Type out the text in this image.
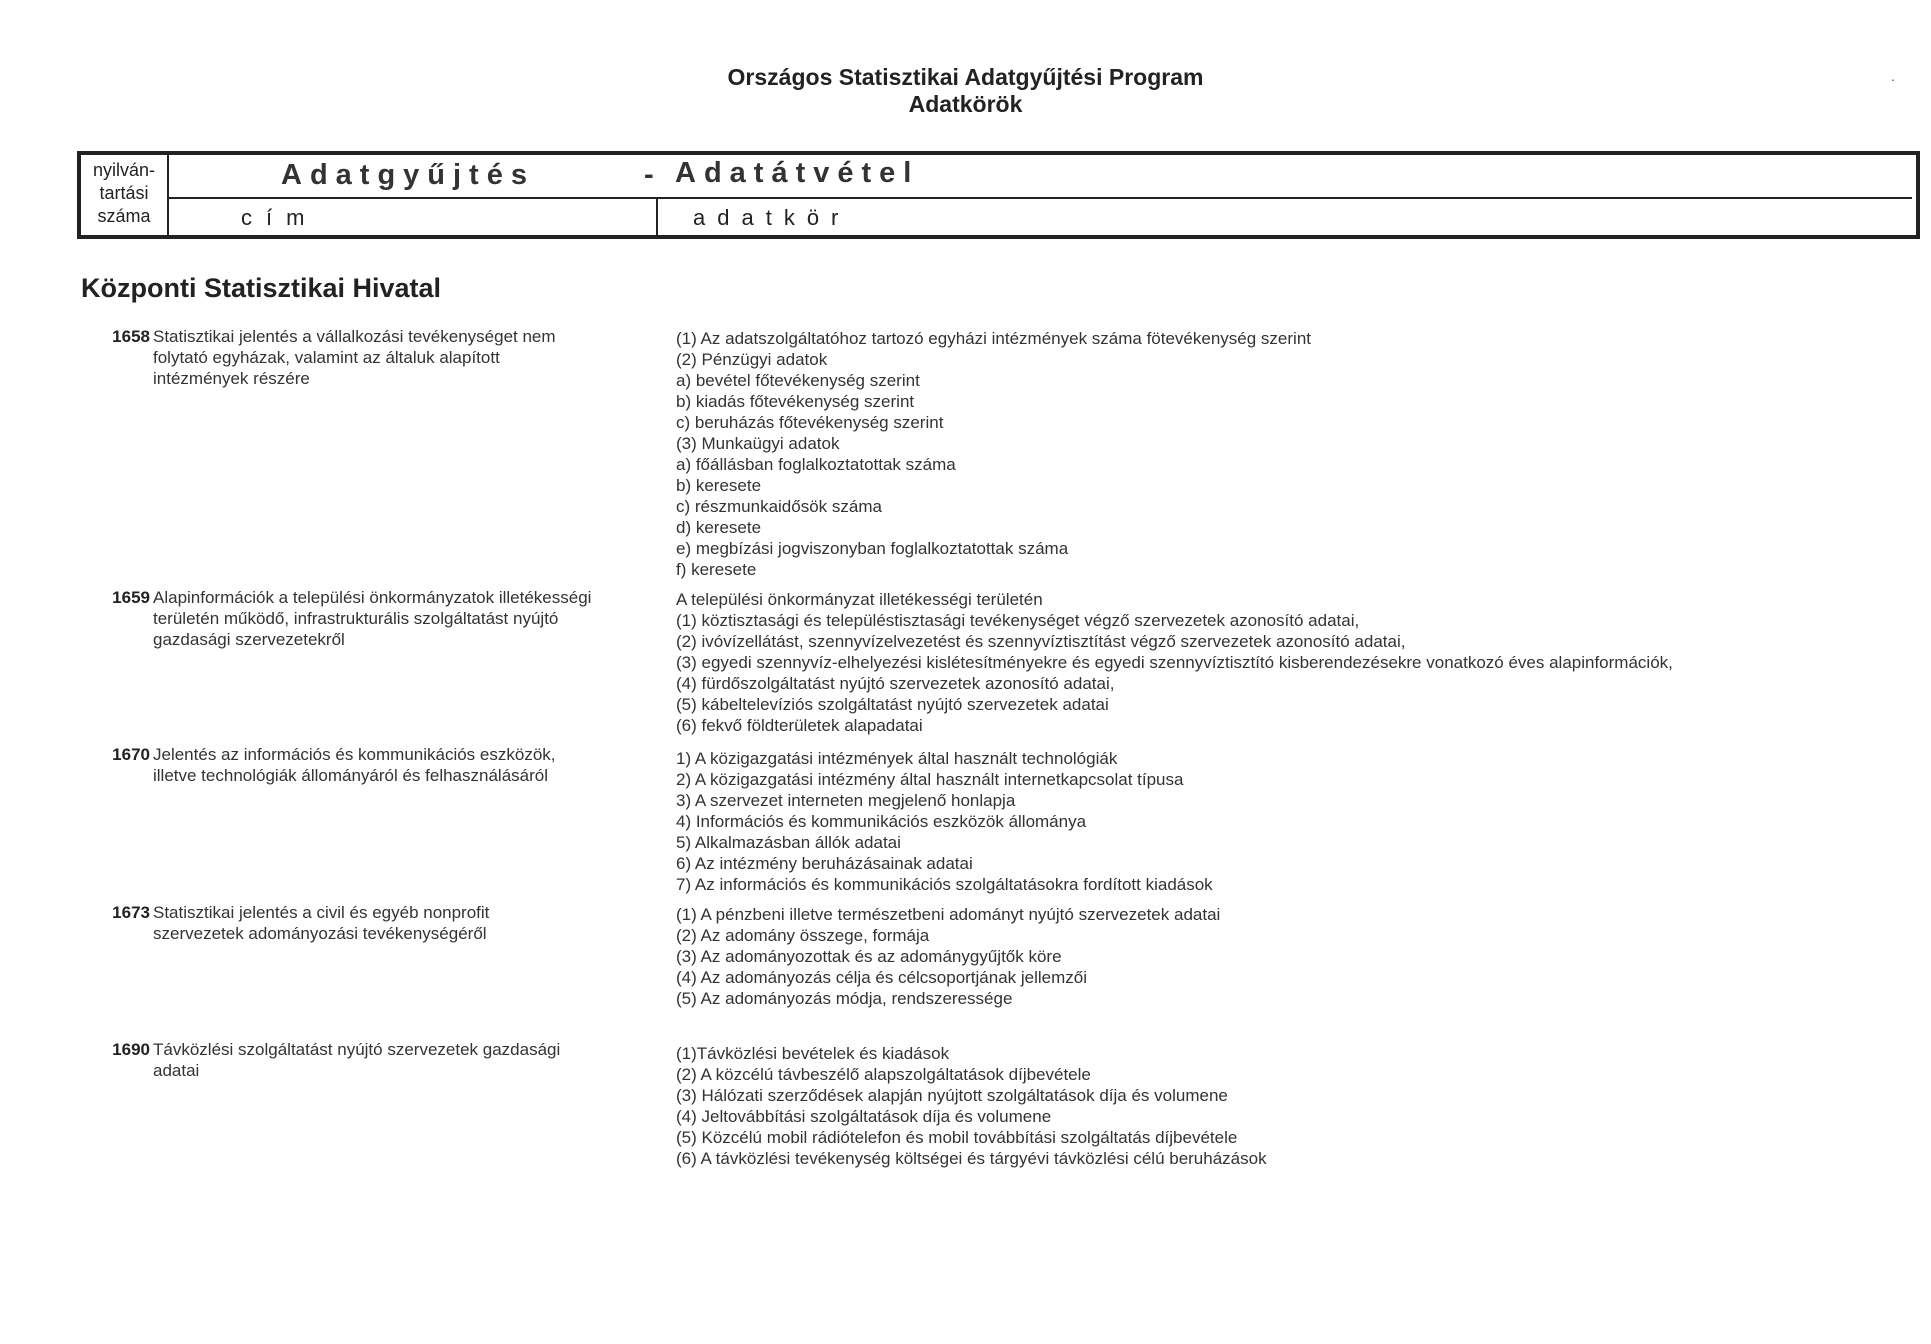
Országos Statisztikai Adatgyűjtési Program
Adatkörök
.
nyilván-
tartási
száma
Adatgyűjtés	- Adatátvétel
cím	adatkör
Központi Statisztikai Hivatal
1658 Statisztikai jelentés a vállalkozási tevékenységet nem
folytató egyházak, valamint az általuk alapított
intézmények részére
(1) Az adatszolgáltatóhoz tartozó egyházi intézmények száma fötevékenység szerint
(2) Pénzügyi adatok
a) bevétel főtevékenység szerint
b) kiadás főtevékenység szerint
c) beruházás főtevékenység szerint
(3) Munkaügyi adatok
a) főállásban foglalkoztatottak száma
b) keresete
c) részmunkaidősök száma
d) keresete
e) megbízási jogviszonyban foglalkoztatottak száma
f) keresete
1659 Alapinformációk a települési önkormányzatok illetékességi
területén működő, infrastrukturális szolgáltatást nyújtó
gazdasági szervezetekről
A települési önkormányzat illetékességi területén
(1) köztisztasági és településtisztasági tevékenységet végző szervezetek azonosító adatai,
(2) ivóvízellátást, szennyvízelvezetést és szennyvíztisztítást végző szervezetek azonosító adatai,
(3) egyedi szennyvíz-elhelyezési kislétesítményekre és egyedi szennyvíztisztító kisberendezésekre vonatkozó éves alapinformációk,
(4) fürdőszolgáltatást nyújtó szervezetek azonosító adatai,
(5) kábeltelevíziós szolgáltatást nyújtó szervezetek adatai
(6) fekvő földterületek alapadatai
1670 Jelentés az információs és kommunikációs eszközök,
illetve technológiák állományáról és felhasználásáról
1) A közigazgatási intézmények által használt technológiák
2) A közigazgatási intézmény által használt internetkapcsolat típusa
3) A szervezet interneten megjelenő honlapja
4) Információs és kommunikációs eszközök állománya
5) Alkalmazásban állók adatai
6) Az intézmény beruházásainak adatai
7) Az információs és kommunikációs szolgáltatásokra fordított kiadások
1673 Statisztikai jelentés a civil és egyéb nonprofit
szervezetek adományozási tevékenységéről
(1) A pénzbeni illetve természetbeni adományt nyújtó szervezetek adatai
(2) Az adomány összege, formája
(3) Az adományozottak és az adománygyűjtők köre
(4) Az adományozás célja és célcsoportjának jellemzői
(5) Az adományozás módja, rendszeressége
1690 Távközlési szolgáltatást nyújtó szervezetek gazdasági
adatai
(1)Távközlési bevételek és kiadások
(2) A közcélú távbeszélő alapszolgáltatások díjbevétele
(3) Hálózati szerződések alapján nyújtott szolgáltatások díja és volumene
(4) Jeltovábbítási szolgáltatások díja és volumene
(5) Közcélú mobil rádiótelefon és mobil továbbítási szolgáltatás díjbevétele
(6) A távközlési tevékenység költségei és tárgyévi távközlési célú beruházások
